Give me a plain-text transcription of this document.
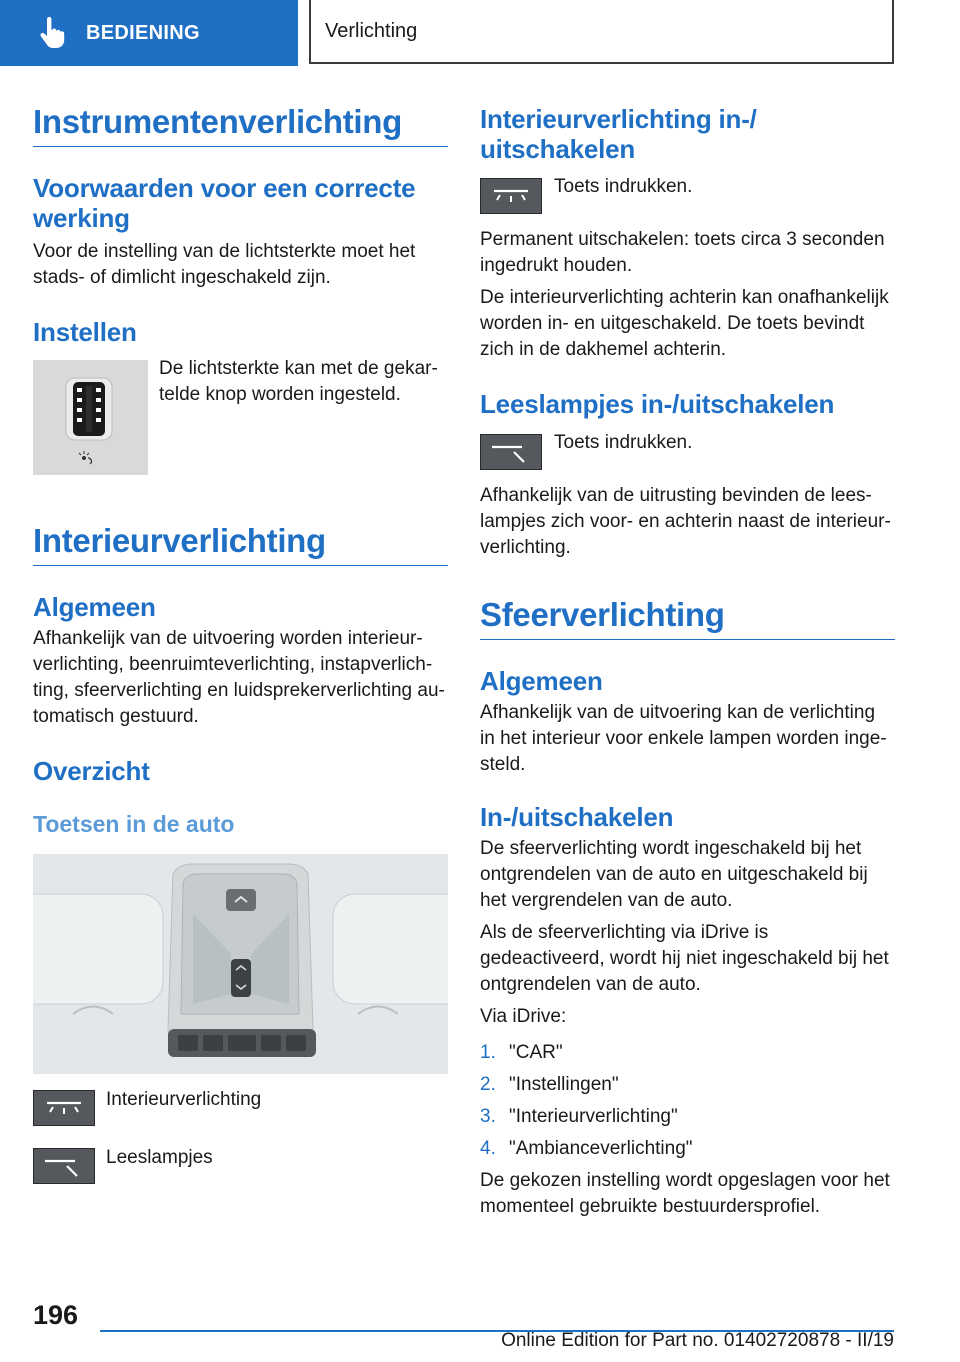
BEDIENING	Verlichting
Instrumentenverlichting
Voorwaarden voor een correcte werking

Voor de instelling van de lichtsterkte moet het stads- of dimlicht ingeschakeld zijn.

Instellen

De lichtsterkte kan met de gekartelde knop worden ingesteld.

Interieurverlichting
Algemeen

Afhankelijk van de uitvoering worden interieurverlichting, beenruimteverlichting, instapverlichting, sfeerverlichting en luidsprekerverlichting automatisch gestuurd.

Overzicht
Toetsen in de auto

Interieurverlichting

Leeslampjes

Interieurverlichting in-/ uitschakelen

Toets indrukken.

Permanent uitschakelen: toets circa 3 seconden ingedrukt houden.

De interieurverlichting achterin kan onafhankelijk worden in- en uitgeschakeld. De toets bevindt zich in de dakhemel achterin.

Leeslampjes in-/uitschakelen

Toets indrukken.

Afhankelijk van de uitrusting bevinden de leeslampjes zich voor- en achterin naast de interieurverlichting.

Sfeerverlichting
Algemeen

Afhankelijk van de uitvoering kan de verlichting in het interieur voor enkele lampen worden ingesteld.

In-/uitschakelen

De sfeerverlichting wordt ingeschakeld bij het ontgrendelen van de auto en uitgeschakeld bij het vergrendelen van de auto.

Als de sfeerverlichting via iDrive is gedeactiveerd, wordt hij niet ingeschakeld bij het ontgrendelen van de auto.

Via iDrive:

1. "CAR"
2. "Instellingen"
3. "Interieurverlichting"
4. "Ambianceverlichting"

De gekozen instelling wordt opgeslagen voor het momenteel gebruikte bestuurdersprofiel.

196
Online Edition for Part no. 01402720878 - II/19
